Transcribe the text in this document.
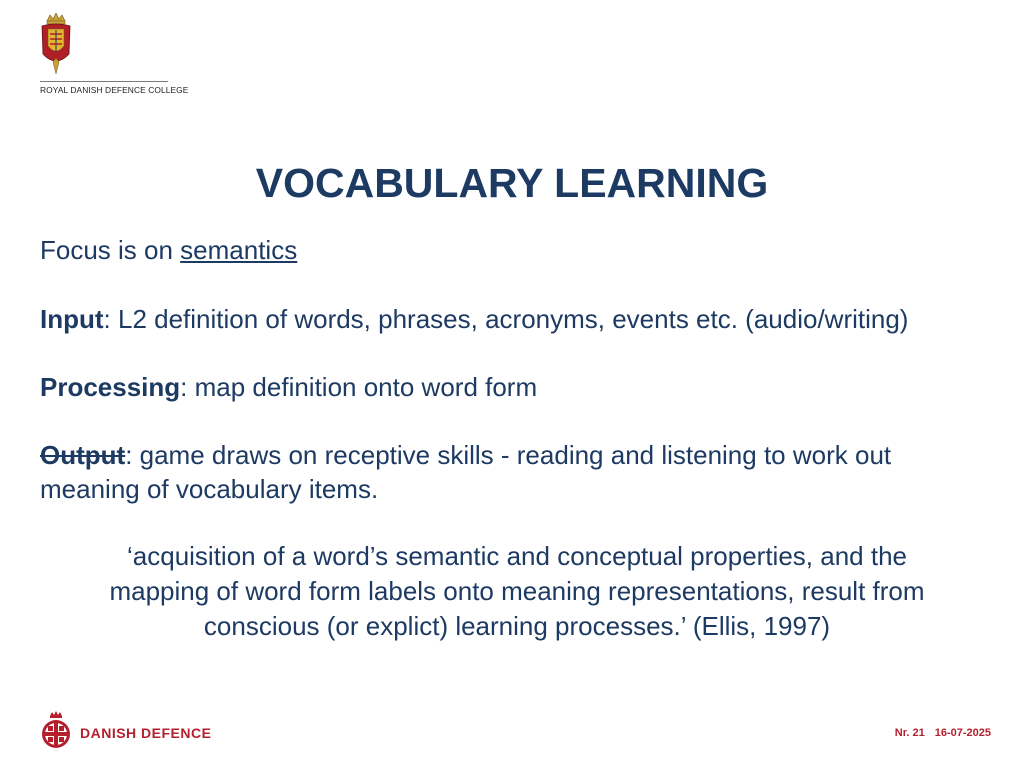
ROYAL DANISH DEFENCE COLLEGE
VOCABULARY LEARNING
Focus is on semantics
Input: L2 definition of words, phrases, acronyms, events etc. (audio/writing)
Processing: map definition onto word form
Output: game draws on receptive skills - reading and listening to work out
meaning of vocabulary items.
‘acquisition of a word’s semantic and conceptual properties, and the
mapping of word form labels onto meaning representations, result from
conscious (or explict) learning processes.’ (Ellis, 1997)
DANISH DEFENCE	Nr. 21 16-07-2025
